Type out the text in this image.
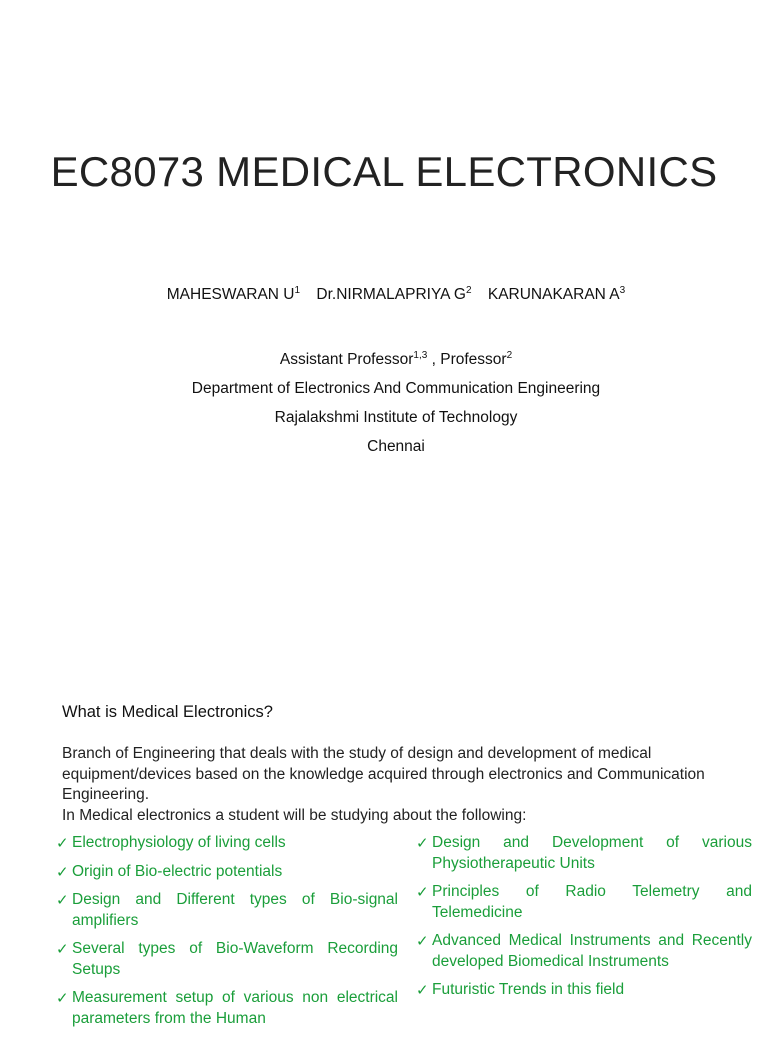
EC8073 MEDICAL ELECTRONICS
MAHESWARAN $U^1$ Dr.NIRMALAPRIYA $G^2$ KARUNAKARAN $A^3$
Assistant Professor$^{1,3}$ , Professor$^2$
Department of Electronics And Communication Engineering
Rajalakshmi Institute of Technology
Chennai
What is Medical Electronics?
Branch of Engineering that deals with the study of design and development of medical equipment/devices based on the knowledge acquired through electronics and Communication Engineering.
In Medical electronics a student will be studying about the following:
✓ Electrophysiology of living cells
✓ Origin of Bio-electric potentials
✓ Design and Different types of Bio-signal amplifiers
✓ Several types of Bio-Waveform Recording Setups
✓ Measurement setup of various non electrical parameters from the Human
✓ Design and Development of various Physiotherapeutic Units
✓ Principles of Radio Telemetry and Telemedicine
✓ Advanced Medical Instruments and Recently developed Biomedical Instruments
✓ Futuristic Trends in this field
